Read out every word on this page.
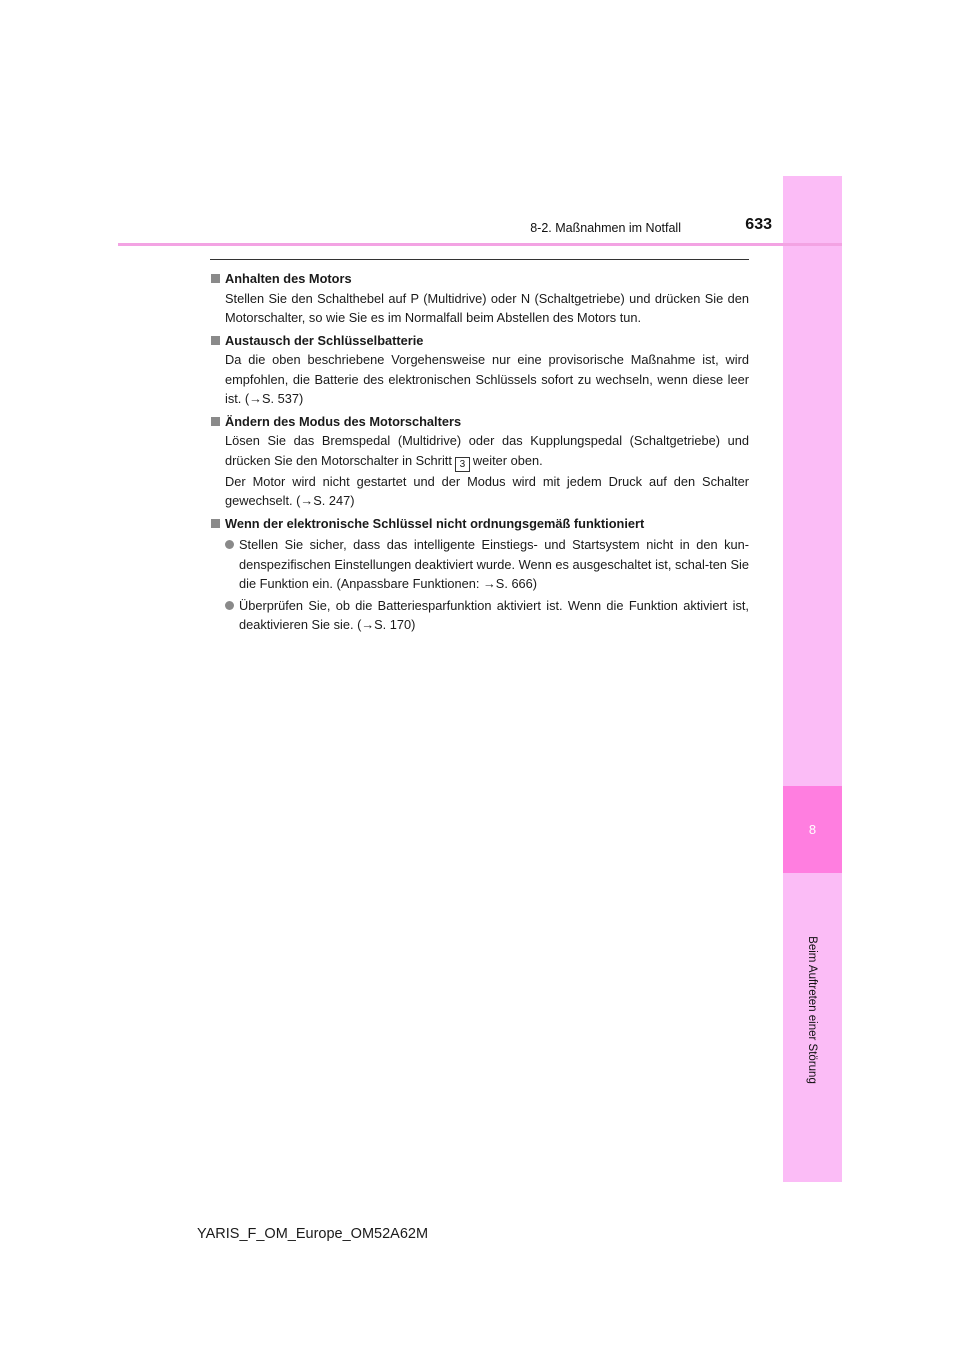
8
Beim Auftreten einer Störung
8-2. Maßnahmen im Notfall	633
Anhalten des Motors
Stellen Sie den Schalthebel auf P (Multidrive) oder N (Schaltgetriebe) und drücken Sie den Motorschalter, so wie Sie es im Normalfall beim Abstellen des Motors tun.
Austausch der Schlüsselbatterie
Da die oben beschriebene Vorgehensweise nur eine provisorische Maßnahme ist, wird empfohlen, die Batterie des elektronischen Schlüssels sofort zu wechseln, wenn diese leer ist. (→S. 537)
Ändern des Modus des Motorschalters
Lösen Sie das Bremspedal (Multidrive) oder das Kupplungspedal (Schaltgetriebe) und drücken Sie den Motorschalter in Schritt 3 weiter oben.
Der Motor wird nicht gestartet und der Modus wird mit jedem Druck auf den Schalter gewechselt. (→S. 247)
Wenn der elektronische Schlüssel nicht ordnungsgemäß funktioniert
Stellen Sie sicher, dass das intelligente Einstiegs- und Startsystem nicht in den kun-denspezifischen Einstellungen deaktiviert wurde. Wenn es ausgeschaltet ist, schal-ten Sie die Funktion ein. (Anpassbare Funktionen: →S. 666)
Überprüfen Sie, ob die Batteriesparfunktion aktiviert ist. Wenn die Funktion aktiviert ist, deaktivieren Sie sie. (→S. 170)
YARIS_F_OM_Europe_OM52A62M
